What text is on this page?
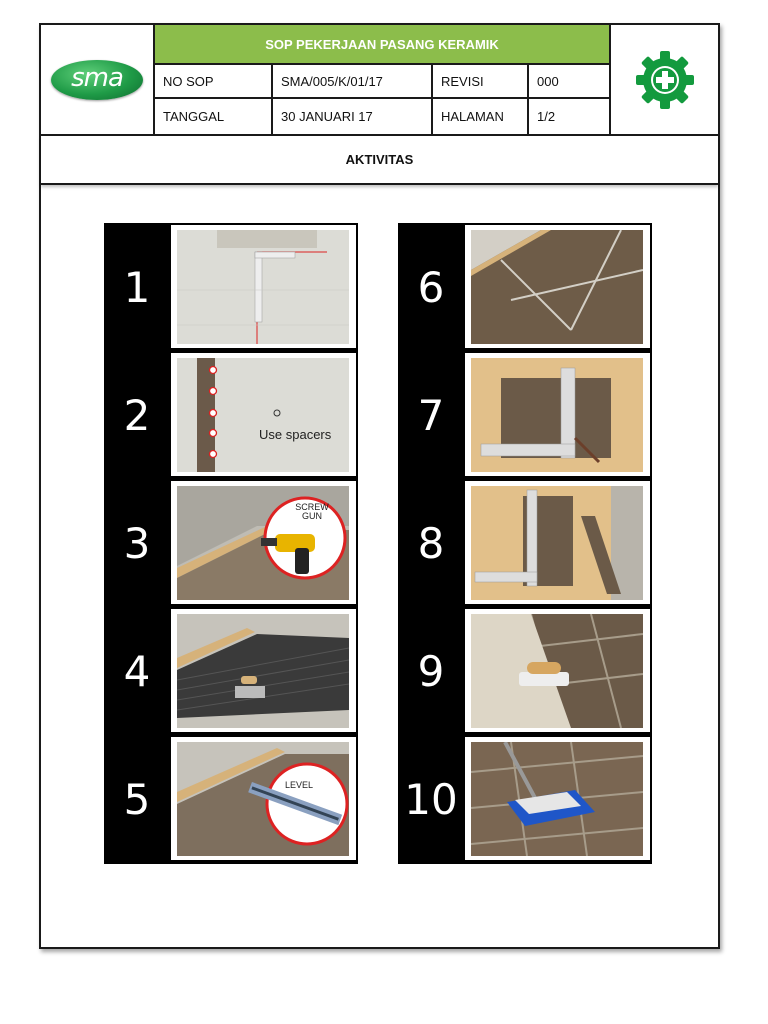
sma
SOP PEKERJAAN PASANG KERAMIK
NO SOP	SMA/005/K/01/17	REVISI	000
TANGGAL	30 JANUARI 17	HALAMAN	1/2
AKTIVITAS
1
2	Use spacers
3
SCREW GUN
4
5	LEVEL
6
7
8
9
10
